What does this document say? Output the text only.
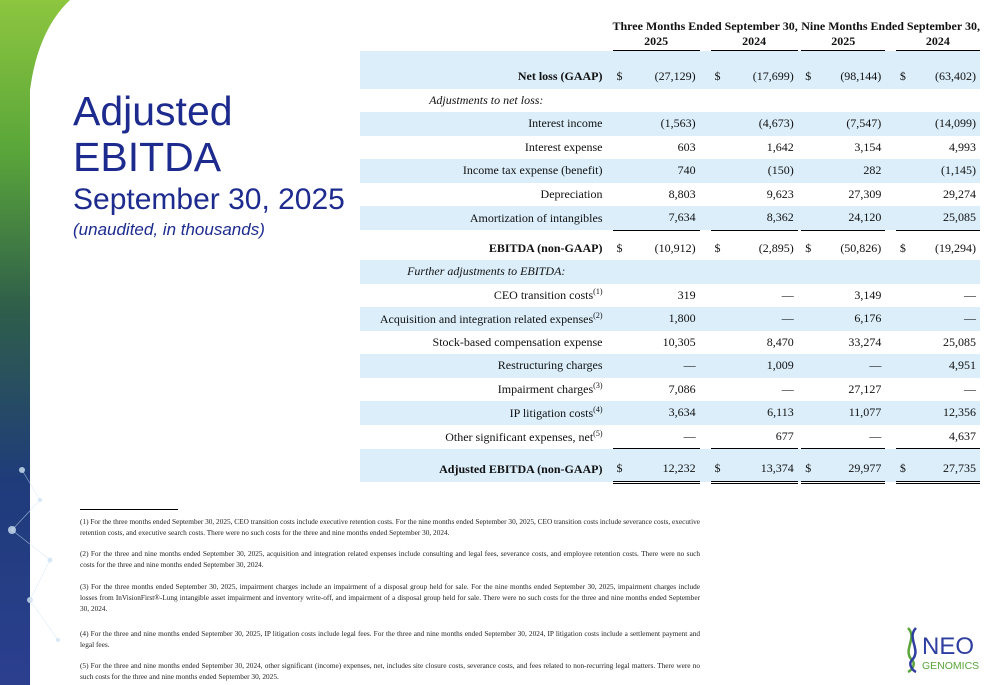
Adjusted
EBITDA
September 30, 2025
(unaudited, in thousands)
	Three Months Ended September 30,						Nine Months Ended September 30,				
	2025			2024			2025			2024	

Net loss (GAAP)	$	(27,129)		$	(17,699)		$	(98,144)		$	(63,402)
Adjustments to net loss:											
Interest income		(1,563)			(4,673)			(7,547)			(14,099)
Interest expense		603			1,642			3,154			4,993
Income tax expense (benefit)		740			(150)			282			(1,145)
Depreciation		8,803			9,623			27,309			29,274
Amortization of intangibles		7,634			8,362			24,120			25,085

EBITDA (non-GAAP)	$	(10,912)		$	(2,895)		$	(50,826)		$	(19,294)
Further adjustments to EBITDA:											
CEO transition costs$^{(1)}$		319			—			3,149			—
Acquisition and integration related expenses$^{(2)}$		1,800			—			6,176			—
Stock-based compensation expense		10,305			8,470			33,274			25,085
Restructuring charges		—			1,009			—			4,951
Impairment charges$^{(3)}$		7,086			—			27,127			—
IP litigation costs$^{(4)}$		3,634			6,113			11,077			12,356
Other significant expenses, net$^{(5)}$		—			677			—			4,637

Adjusted EBITDA (non-GAAP)	$	12,232		$	13,374		$	29,977		$	27,735
(1) For the three months ended September 30, 2025, CEO transition costs include executive retention costs. For the nine months ended September 30, 2025, CEO transition costs include severance costs, executive retention costs, and executive search costs. There were no such costs for the three and nine months ended September 30, 2024.
(2) For the three and nine months ended September 30, 2025, acquisition and integration related expenses include consulting and legal fees, severance costs, and employee retention costs. There were no such costs for the three and nine months ended September 30, 2024.
(3) For the three months ended September 30, 2025, impairment charges include an impairment of a disposal group held for sale. For the nine months ended September 30, 2025, impairment charges include losses from InVisionFirst®-Lung intangible asset impairment and inventory write-off, and impairment of a disposal group held for sale. There were no such costs for the three and nine months ended September 30, 2024.
(4) For the three and nine months ended September 30, 2025, IP litigation costs include legal fees. For the three and nine months ended September 30, 2024, IP litigation costs include a settlement payment and legal fees.
(5) For the three and nine months ended September 30, 2024, other significant (income) expenses, net, includes site closure costs, severance costs, and fees related to non-recurring legal matters. There were no such costs for the three and nine months ended September 30, 2025.
NEO
GENOMICS
